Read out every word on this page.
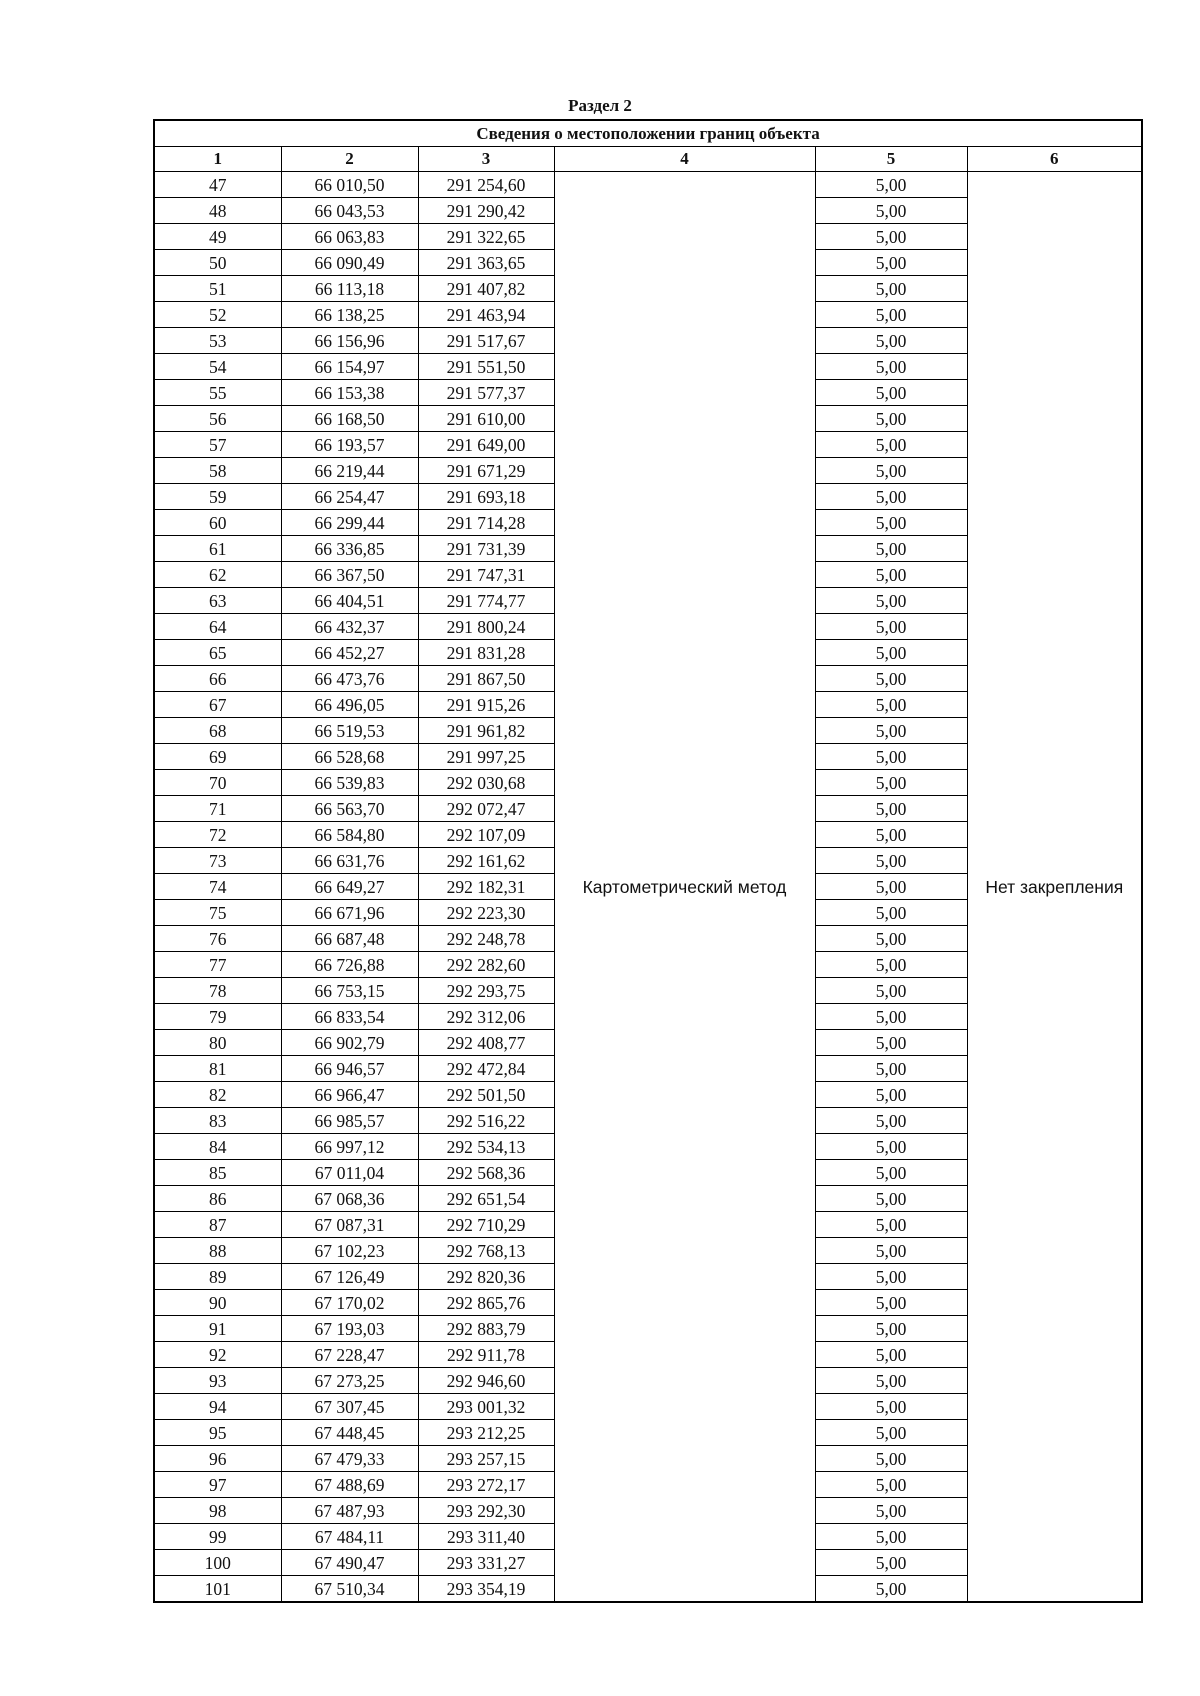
Раздел 2
Сведения о местоположении границ объекта					
1	2	3	4	5	6
47	66 010,50	291 254,60	Картометрический метод	5,00	Нет закрепления
48	66 043,53	291 290,42		5,00	
49	66 063,83	291 322,65		5,00	
50	66 090,49	291 363,65		5,00	
51	66 113,18	291 407,82		5,00	
52	66 138,25	291 463,94		5,00	
53	66 156,96	291 517,67		5,00	
54	66 154,97	291 551,50		5,00	
55	66 153,38	291 577,37		5,00	
56	66 168,50	291 610,00		5,00	
57	66 193,57	291 649,00		5,00	
58	66 219,44	291 671,29		5,00	
59	66 254,47	291 693,18		5,00	
60	66 299,44	291 714,28		5,00	
61	66 336,85	291 731,39		5,00	
62	66 367,50	291 747,31		5,00	
63	66 404,51	291 774,77		5,00	
64	66 432,37	291 800,24		5,00	
65	66 452,27	291 831,28		5,00	
66	66 473,76	291 867,50		5,00	
67	66 496,05	291 915,26		5,00	
68	66 519,53	291 961,82		5,00	
69	66 528,68	291 997,25		5,00	
70	66 539,83	292 030,68		5,00	
71	66 563,70	292 072,47		5,00	
72	66 584,80	292 107,09		5,00	
73	66 631,76	292 161,62		5,00	
74	66 649,27	292 182,31		5,00	
75	66 671,96	292 223,30		5,00	
76	66 687,48	292 248,78		5,00	
77	66 726,88	292 282,60		5,00	
78	66 753,15	292 293,75		5,00	
79	66 833,54	292 312,06		5,00	
80	66 902,79	292 408,77		5,00	
81	66 946,57	292 472,84		5,00	
82	66 966,47	292 501,50		5,00	
83	66 985,57	292 516,22		5,00	
84	66 997,12	292 534,13		5,00	
85	67 011,04	292 568,36		5,00	
86	67 068,36	292 651,54		5,00	
87	67 087,31	292 710,29		5,00	
88	67 102,23	292 768,13		5,00	
89	67 126,49	292 820,36		5,00	
90	67 170,02	292 865,76		5,00	
91	67 193,03	292 883,79		5,00	
92	67 228,47	292 911,78		5,00	
93	67 273,25	292 946,60		5,00	
94	67 307,45	293 001,32		5,00	
95	67 448,45	293 212,25		5,00	
96	67 479,33	293 257,15		5,00	
97	67 488,69	293 272,17		5,00	
98	67 487,93	293 292,30		5,00	
99	67 484,11	293 311,40		5,00	
100	67 490,47	293 331,27		5,00	
101	67 510,34	293 354,19		5,00	
